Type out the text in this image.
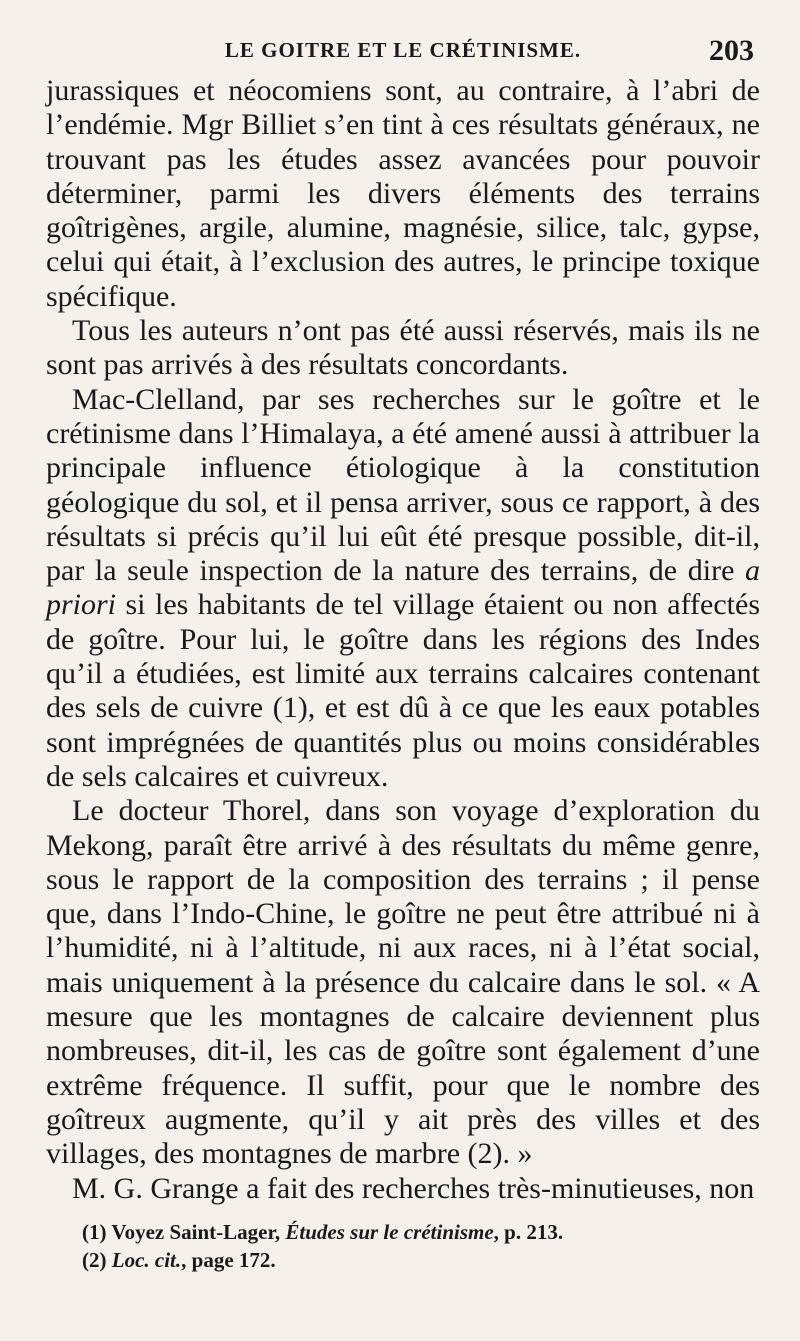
LE GOITRE ET LE CRÉTINISME.	203

jurassiques et néocomiens sont, au contraire, à l’abri de l’endémie. Mgr Billiet s’en tint à ces résultats généraux, ne trouvant pas les études assez avancées pour pouvoir déterminer, parmi les divers éléments des terrains goîtrigènes, argile, alumine, magnésie, silice, talc, gypse, celui qui était, à l’exclusion des autres, le principe toxique spécifique.

Tous les auteurs n’ont pas été aussi réservés, mais ils ne sont pas arrivés à des résultats concordants.

Mac-Clelland, par ses recherches sur le goître et le crétinisme dans l’Himalaya, a été amené aussi à attribuer la principale influence étiologique à la constitution géologique du sol, et il pensa arriver, sous ce rapport, à des résultats si précis qu’il lui eût été presque possible, dit-il, par la seule inspection de la nature des terrains, de dire a priori si les habitants de tel village étaient ou non affectés de goître. Pour lui, le goître dans les régions des Indes qu’il a étudiées, est limité aux terrains calcaires contenant des sels de cuivre (1), et est dû à ce que les eaux potables sont imprégnées de quantités plus ou moins considérables de sels calcaires et cuivreux.

Le docteur Thorel, dans son voyage d’exploration du Mekong, paraît être arrivé à des résultats du même genre, sous le rapport de la composition des terrains ; il pense que, dans l’Indo-Chine, le goître ne peut être attribué ni à l’humidité, ni à l’altitude, ni aux races, ni à l’état social, mais uniquement à la présence du calcaire dans le sol. « A mesure que les montagnes de calcaire deviennent plus nombreuses, dit-il, les cas de goître sont également d’une extrême fréquence. Il suffit, pour que le nombre des goîtreux augmente, qu’il y ait près des villes et des villages, des montagnes de marbre (2). »

M. G. Grange a fait des recherches très-minutieuses, non

(1) Voyez Saint-Lager, Études sur le crétinisme, p. 213.
(2) Loc. cit., page 172.
